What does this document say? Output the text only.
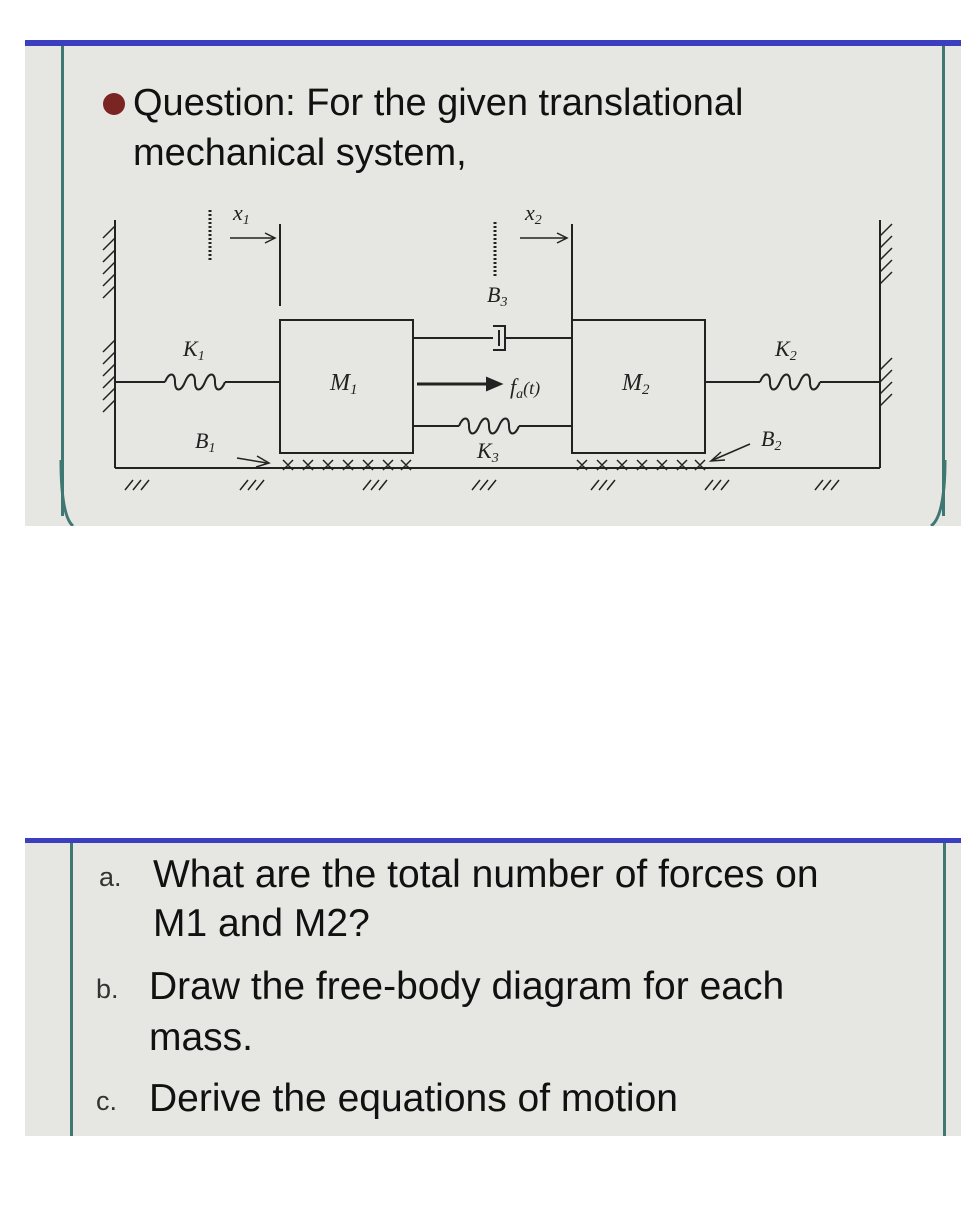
Question: For the given translational mechanical system,
x1	x2
K1
B1
M1
B3
fa(t)
K3
M2
K2
B2
a. What are the total number of forces on
M1 and M2?
b. Draw the free-body diagram for each
mass.
c. Derive the equations of motion
